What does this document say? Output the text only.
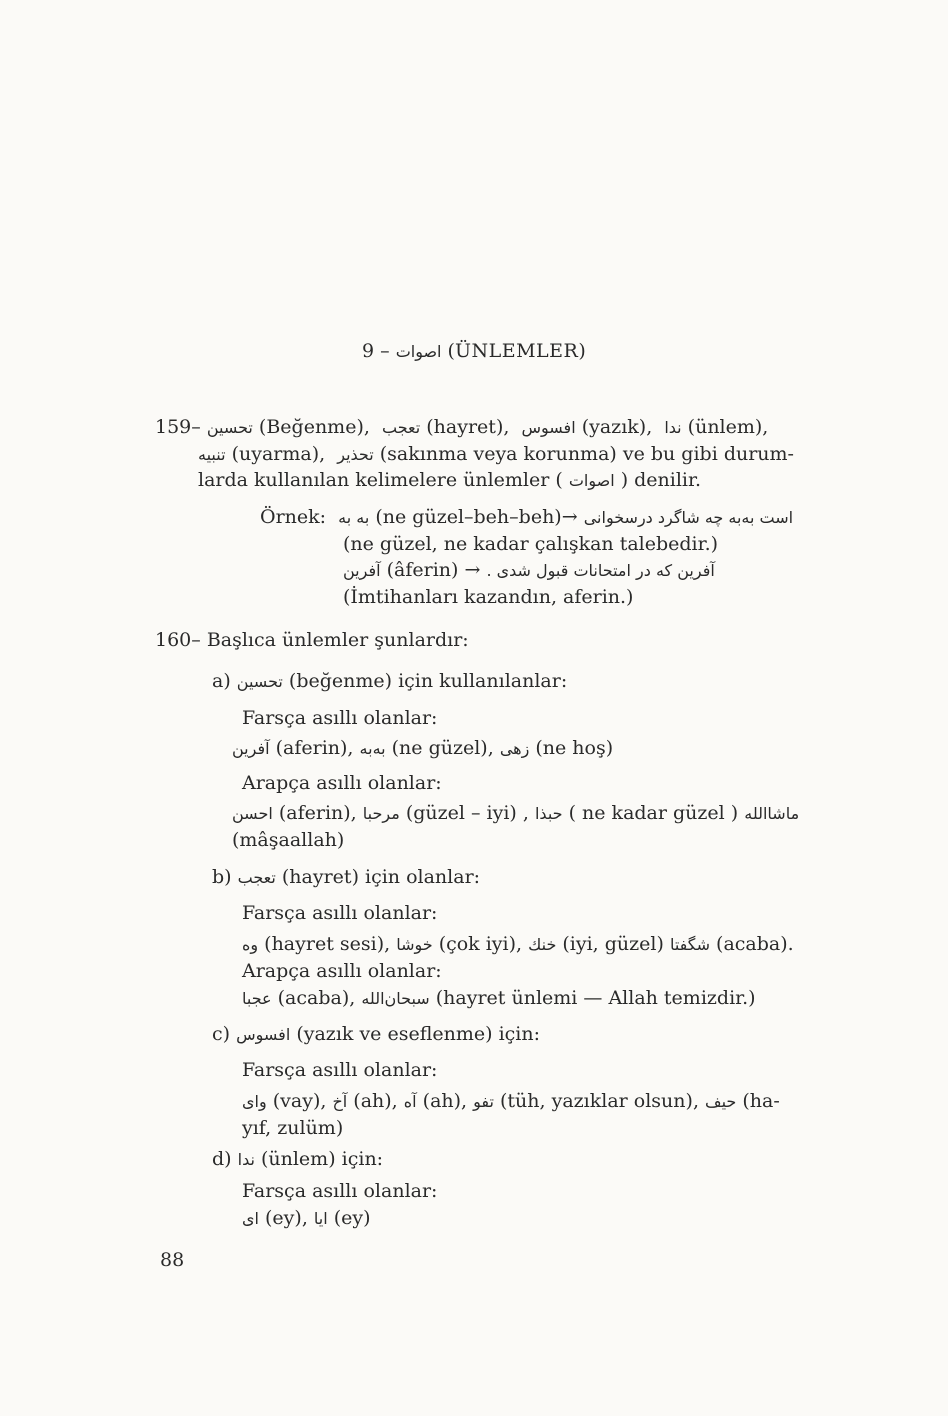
9 – اصوات (ÜNLEMLER)
159– تحسين (Beğenme), تعجب (hayret), افسوس (yazık), ندا (ünlem),
تنبيه (uyarma), تحذير (sakınma veya korunma) ve bu gibi durum-
larda kullanılan kelimelere ünlemler ( اصوات ) denilir.
Örnek: به به (ne güzel–beh–beh)→ است به‌به چه شاگرد درسخوانی
(ne güzel, ne kadar çalışkan talebedir.)
آفرين (âferin) → . آفرين كه در امتحانات قبول شدى
(İmtihanları kazandın, aferin.)
160– Başlıca ünlemler şunlardır:
a) تحسين (beğenme) için kullanılanlar:
Farsça asıllı olanlar:
آفرين (aferin), به‌به (ne güzel), زهى (ne hoş)
Arapça asıllı olanlar:
احسن (aferin), مرحبا (güzel – iyi) , حبذا ( ne kadar güzel ) ماشاالله
(mâşaallah)
b) تعجب (hayret) için olanlar:
Farsça asıllı olanlar:
وه (hayret sesi), خوشا (çok iyi), خنك (iyi, güzel) شگفتا (acaba).
Arapça asıllı olanlar:
عجبا (acaba), سبحان‌الله (hayret ünlemi — Allah temizdir.)
c) افسوس (yazık ve eseflenme) için:
Farsça asıllı olanlar:
واى (vay), آخ (ah), آه (ah), تفو (tüh, yazıklar olsun), حيف (ha-
yıf, zulüm)
d) ندا (ünlem) için:
Farsça asıllı olanlar:
اى (ey), ايا (ey)
88
